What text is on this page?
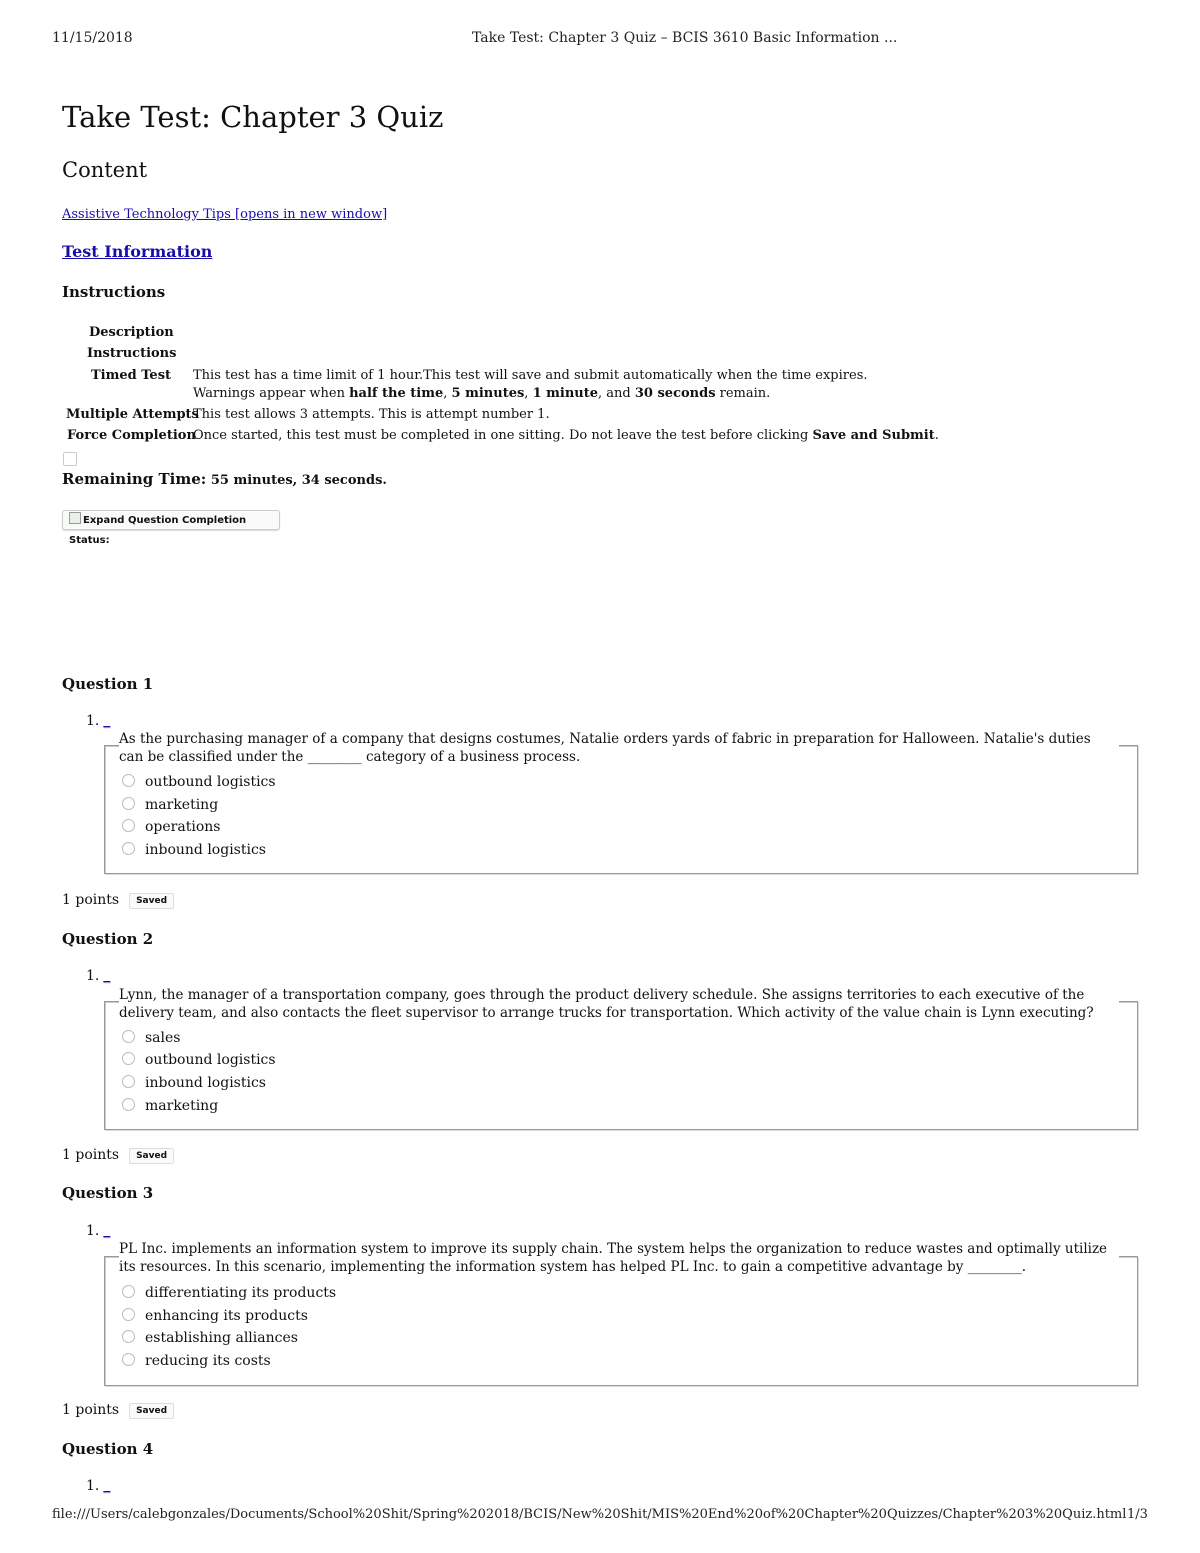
11/15/2018	Take Test: Chapter 3 Quiz – BCIS 3610 Basic Information ...
Take Test: Chapter 3 Quiz
Content
Assistive Technology Tips [opens in new window]
Test Information
Instructions
Description
Instructions
Timed Test This test has a time limit of 1 hour.This test will save and submit automatically when the time expires.
Warnings appear when half the time, 5 minutes, 1 minute, and 30 seconds remain.
Multiple Attempts
This test allows 3 attempts. This is attempt number 1.
Force Completion
Once started, this test must be completed in one sitting. Do not leave the test before clicking Save and Submit.
Remaining Time: 55 minutes, 34 seconds.
Expand Question Completion Status:
Question 1
1. _
As the purchasing manager of a company that designs costumes, Natalie orders yards of fabric in preparation for Halloween. Natalie's duties can be classified under the ________ category of a business process.
outbound logistics
marketing
operations
inbound logistics
1 points Saved
Question 2
1. _
Lynn, the manager of a transportation company, goes through the product delivery schedule. She assigns territories to each executive of the delivery team, and also contacts the fleet supervisor to arrange trucks for transportation. Which activity of the value chain is Lynn executing?
sales
outbound logistics
inbound logistics
marketing
1 points Saved
Question 3
1. _
PL Inc. implements an information system to improve its supply chain. The system helps the organization to reduce wastes and optimally utilize its resources. In this scenario, implementing the information system has helped PL Inc. to gain a competitive advantage by ________.
differentiating its products
enhancing its products
establishing alliances
reducing its costs
1 points Saved
Question 4
1. _
file:///Users/calebgonzales/Documents/School%20Shit/Spring%202018/BCIS/New%20Shit/MIS%20End%20of%20Chapter%20Quizzes/Chapter%203%20Quiz.html 1/3
